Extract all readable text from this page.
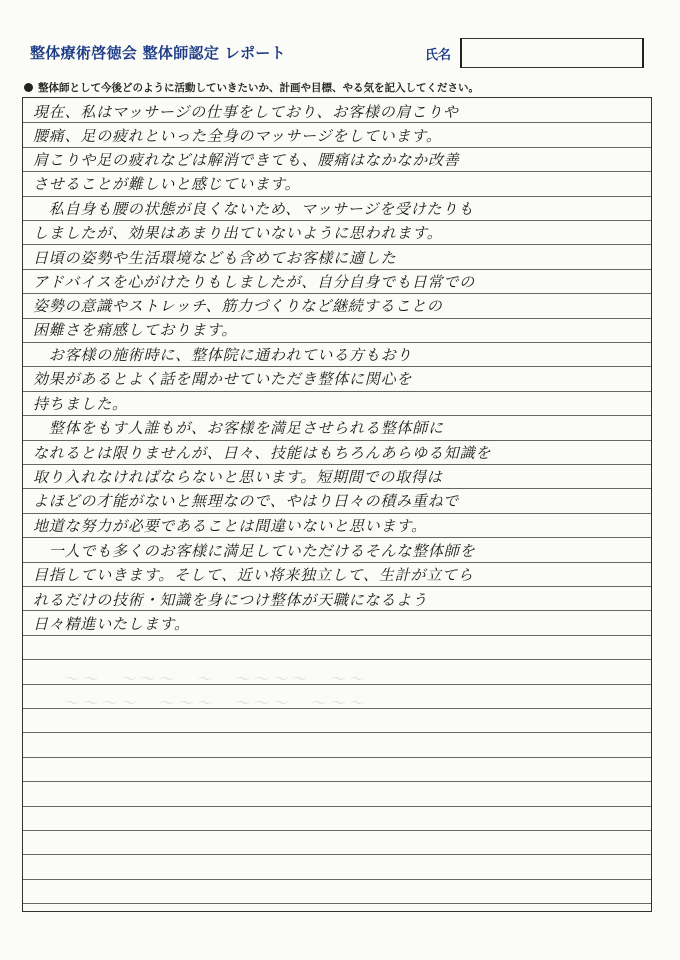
整体療術啓徳会 整体師認定 レポート	氏名
整体師として今後どのように活動していきたいか、計画や目標、やる気を記入してください。
現在、私はマッサージの仕事をしており、お客様の肩こりや
腰痛、足の疲れといった全身のマッサージをしています。
肩こりや足の疲れなどは解消できても、腰痛はなかなか改善
させることが難しいと感じています。
　私自身も腰の状態が良くないため、マッサージを受けたりも
しましたが、効果はあまり出ていないように思われます。
日頃の姿勢や生活環境なども含めてお客様に適した
アドバイスを心がけたりもしましたが、自分自身でも日常での
姿勢の意識やストレッチ、筋力づくりなど継続することの
困難さを痛感しております。
　お客様の施術時に、整体院に通われている方もおり
効果があるとよく話を聞かせていただき整体に関心を
持ちました。
　整体をもす人誰もが、お客様を満足させられる整体師に
なれるとは限りませんが、日々、技能はもちろんあらゆる知識を
取り入れなければならないと思います。短期間での取得は
よほどの才能がないと無理なので、やはり日々の積み重ねで
地道な努力が必要であることは間違いないと思います。
　一人でも多くのお客様に満足していただけるそんな整体師を
目指していきます。そして、近い将来独立して、生計が立てら
れるだけの技術・知識を身につけ整体が天職になるよう
日々精進いたします。
〜〜　〜〜〜　〜　〜〜〜〜　〜〜
〜〜〜〜　〜〜〜　〜〜〜　〜〜〜
